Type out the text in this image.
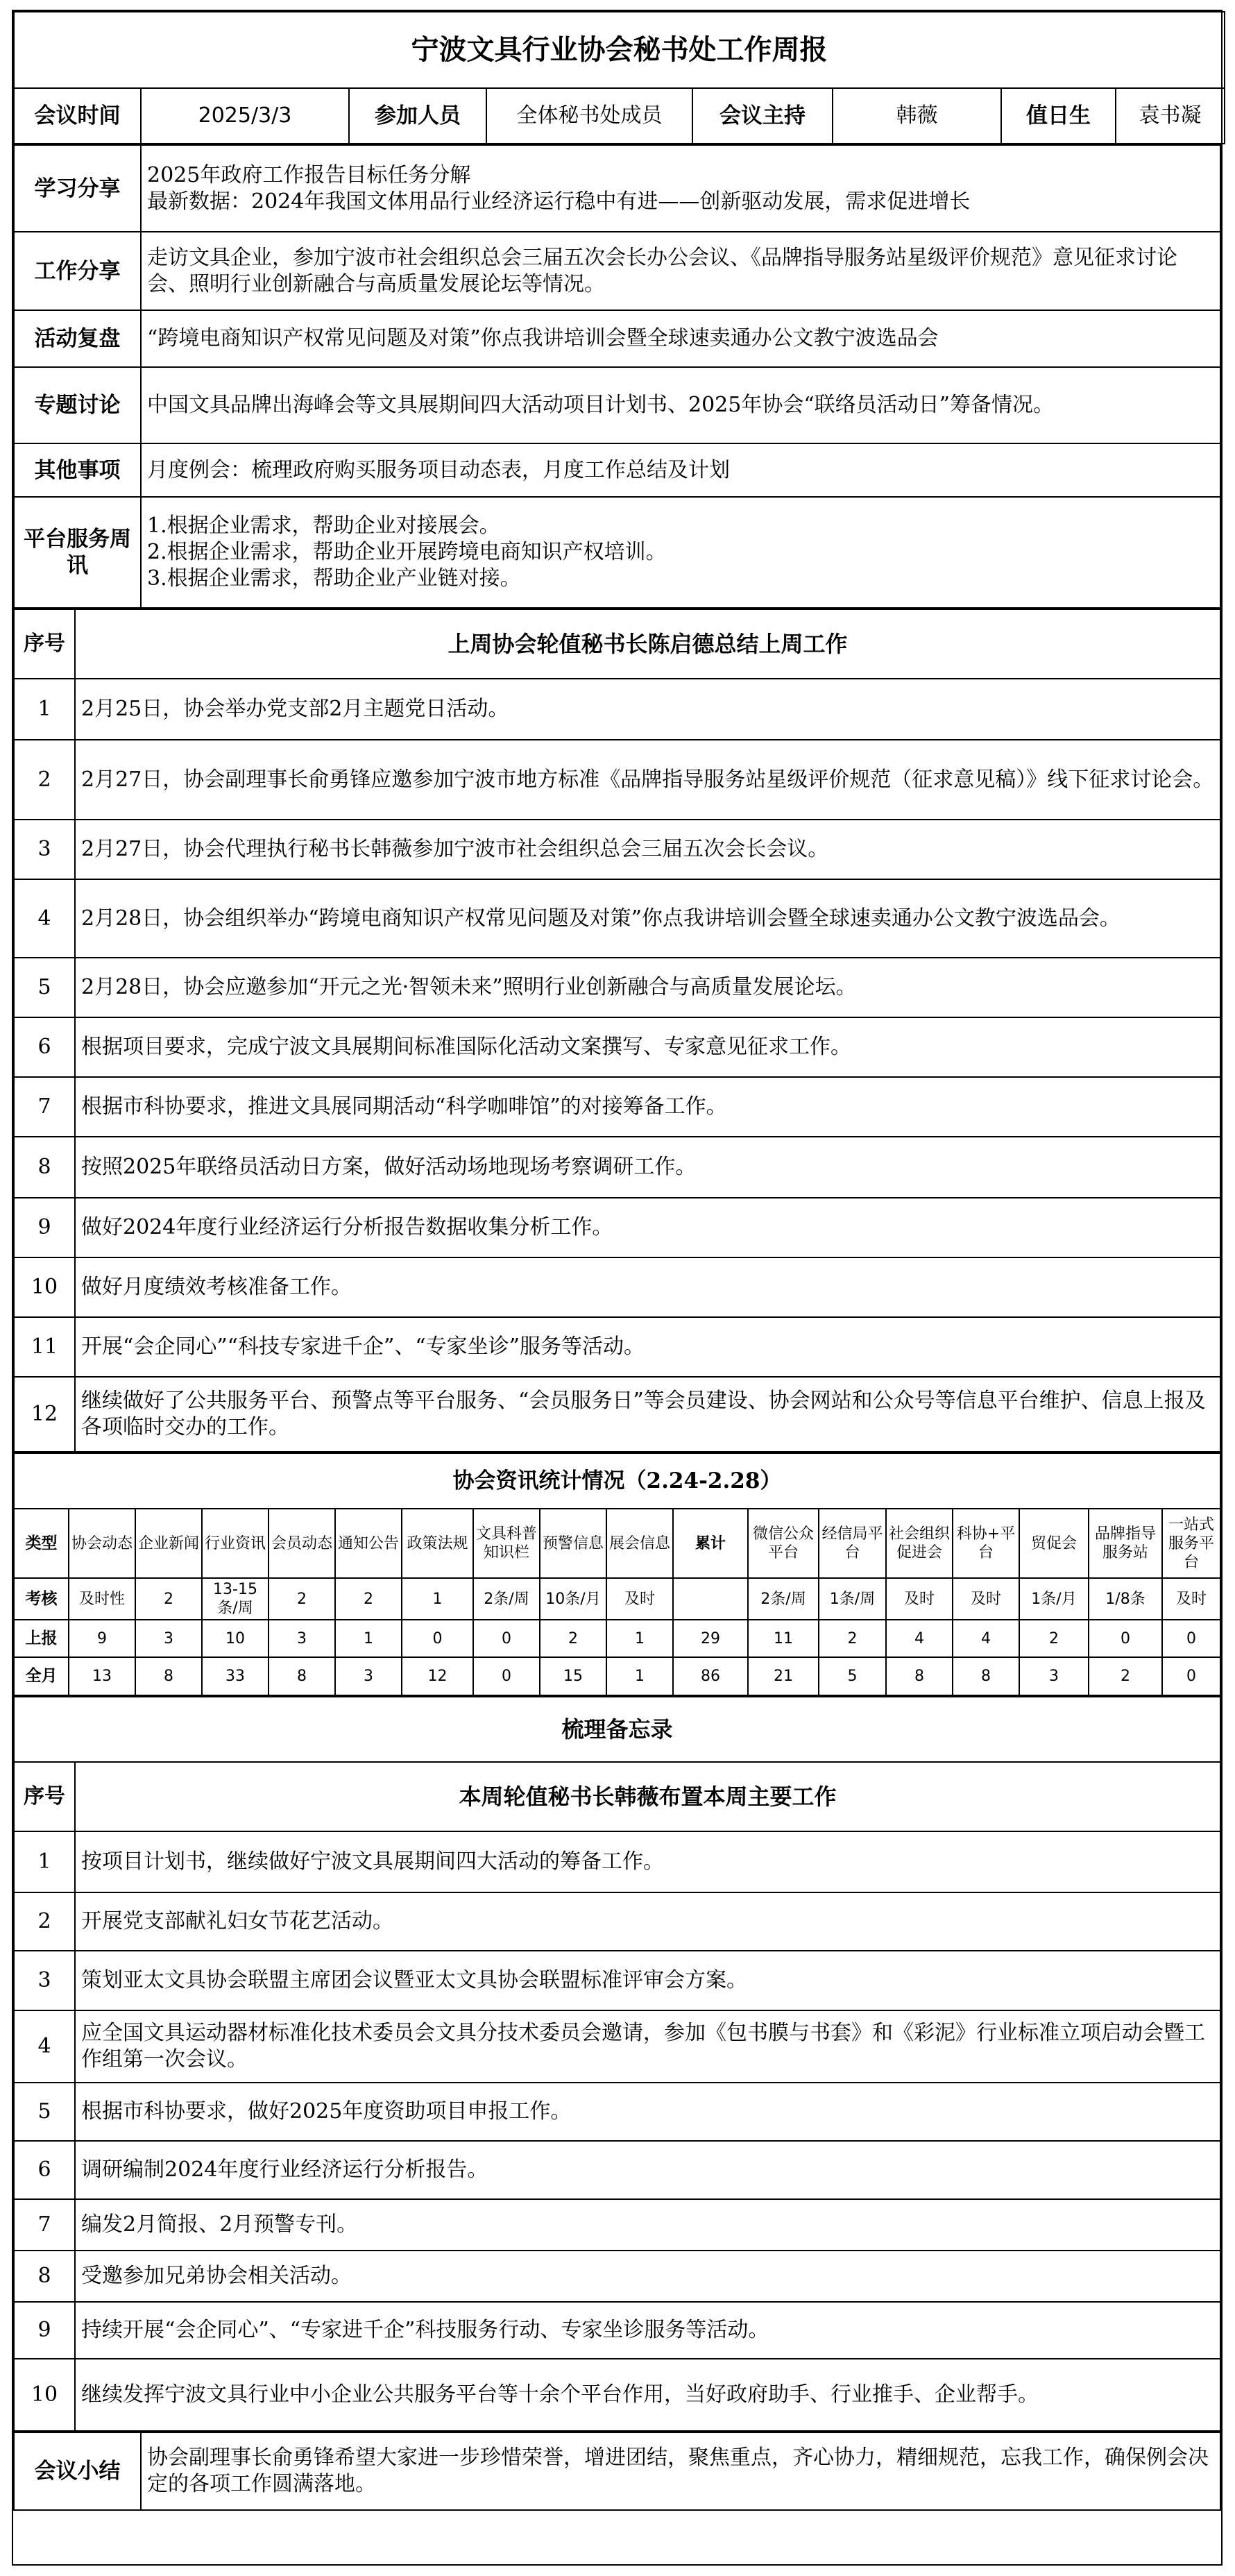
宁波文具行业协会秘书处工作周报
会议时间	2025/3/3	参加人员	全体秘书处成员	会议主持	韩薇	值日生	袁书凝
学习分享	2025年政府工作报告目标任务分解
最新数据：2024年我国文体用品行业经济运行稳中有进——创新驱动发展，需求促进增长

工作分享	走访文具企业，参加宁波市社会组织总会三届五次会长办公会议、《品牌指导服务站星级评价规范》意见征求讨论会、照明行业创新融合与高质量发展论坛等情况。
活动复盘	“跨境电商知识产权常见问题及对策”你点我讲培训会暨全球速卖通办公文教宁波选品会
专题讨论	中国文具品牌出海峰会等文具展期间四大活动项目计划书、2025年协会“联络员活动日”筹备情况。
其他事项	月度例会：梳理政府购买服务项目动态表，月度工作总结及计划
平台服务周讯	1.根据企业需求，帮助企业对接展会。
2.根据企业需求，帮助企业开展跨境电商知识产权培训。
3.根据企业需求，帮助企业产业链对接。
序号	上周协会轮值秘书长陈启德总结上周工作
1	2月25日，协会举办党支部2月主题党日活动。
2	2月27日，协会副理事长俞勇锋应邀参加宁波市地方标准《品牌指导服务站星级评价规范（征求意见稿）》线下征求讨论会。
3	2月27日，协会代理执行秘书长韩薇参加宁波市社会组织总会三届五次会长会议。
4	2月28日，协会组织举办“跨境电商知识产权常见问题及对策”你点我讲培训会暨全球速卖通办公文教宁波选品会。
5	2月28日，协会应邀参加“开元之光·智领未来”照明行业创新融合与高质量发展论坛。
6	根据项目要求，完成宁波文具展期间标准国际化活动文案撰写、专家意见征求工作。
7	根据市科协要求，推进文具展同期活动“科学咖啡馆”的对接筹备工作。
8	按照2025年联络员活动日方案，做好活动场地现场考察调研工作。
9	做好2024年度行业经济运行分析报告数据收集分析工作。
10	做好月度绩效考核准备工作。
11	开展“会企同心”“科技专家进千企”、“专家坐诊”服务等活动。
12	继续做好了公共服务平台、预警点等平台服务、“会员服务日”等会员建设、协会网站和公众号等信息平台维护、信息上报及各项临时交办的工作。
协会资讯统计情况（2.24-2.28）																	
类型	协会动态	企业新闻	行业资讯	会员动态	通知公告	政策法规	文具科普知识栏	预警信息	展会信息	累计	微信公众平台	经信局平台	社会组织促进会	科协+平台	贸促会	品牌指导服务站	一站式服务平台
考核	及时性	2	13-15条/周	2	2	1	2条/周	10条/月	及时		2条/周	1条/周	及时	及时	1条/月	1/8条	及时
上报	9	3	10	3	1	0	0	2	1	29	11	2	4	4	2	0	0
全月	13	8	33	8	3	12	0	15	1	86	21	5	8	8	3	2	0
梳理备忘录	
序号	本周轮值秘书长韩薇布置本周主要工作
1	按项目计划书，继续做好宁波文具展期间四大活动的筹备工作。
2	开展党支部献礼妇女节花艺活动。
3	策划亚太文具协会联盟主席团会议暨亚太文具协会联盟标准评审会方案。
4	应全国文具运动器材标准化技术委员会文具分技术委员会邀请，参加《包书膜与书套》和《彩泥》行业标准立项启动会暨工作组第一次会议。
5	根据市科协要求，做好2025年度资助项目申报工作。
6	调研编制2024年度行业经济运行分析报告。
7	编发2月简报、2月预警专刊。
8	受邀参加兄弟协会相关活动。
9	持续开展“会企同心”、“专家进千企”科技服务行动、专家坐诊服务等活动。
10	继续发挥宁波文具行业中小企业公共服务平台等十余个平台作用，当好政府助手、行业推手、企业帮手。
会议小结	协会副理事长俞勇锋希望大家进一步珍惜荣誉，增进团结，聚焦重点，齐心协力，精细规范，忘我工作，确保例会决定的各项工作圆满落地。
